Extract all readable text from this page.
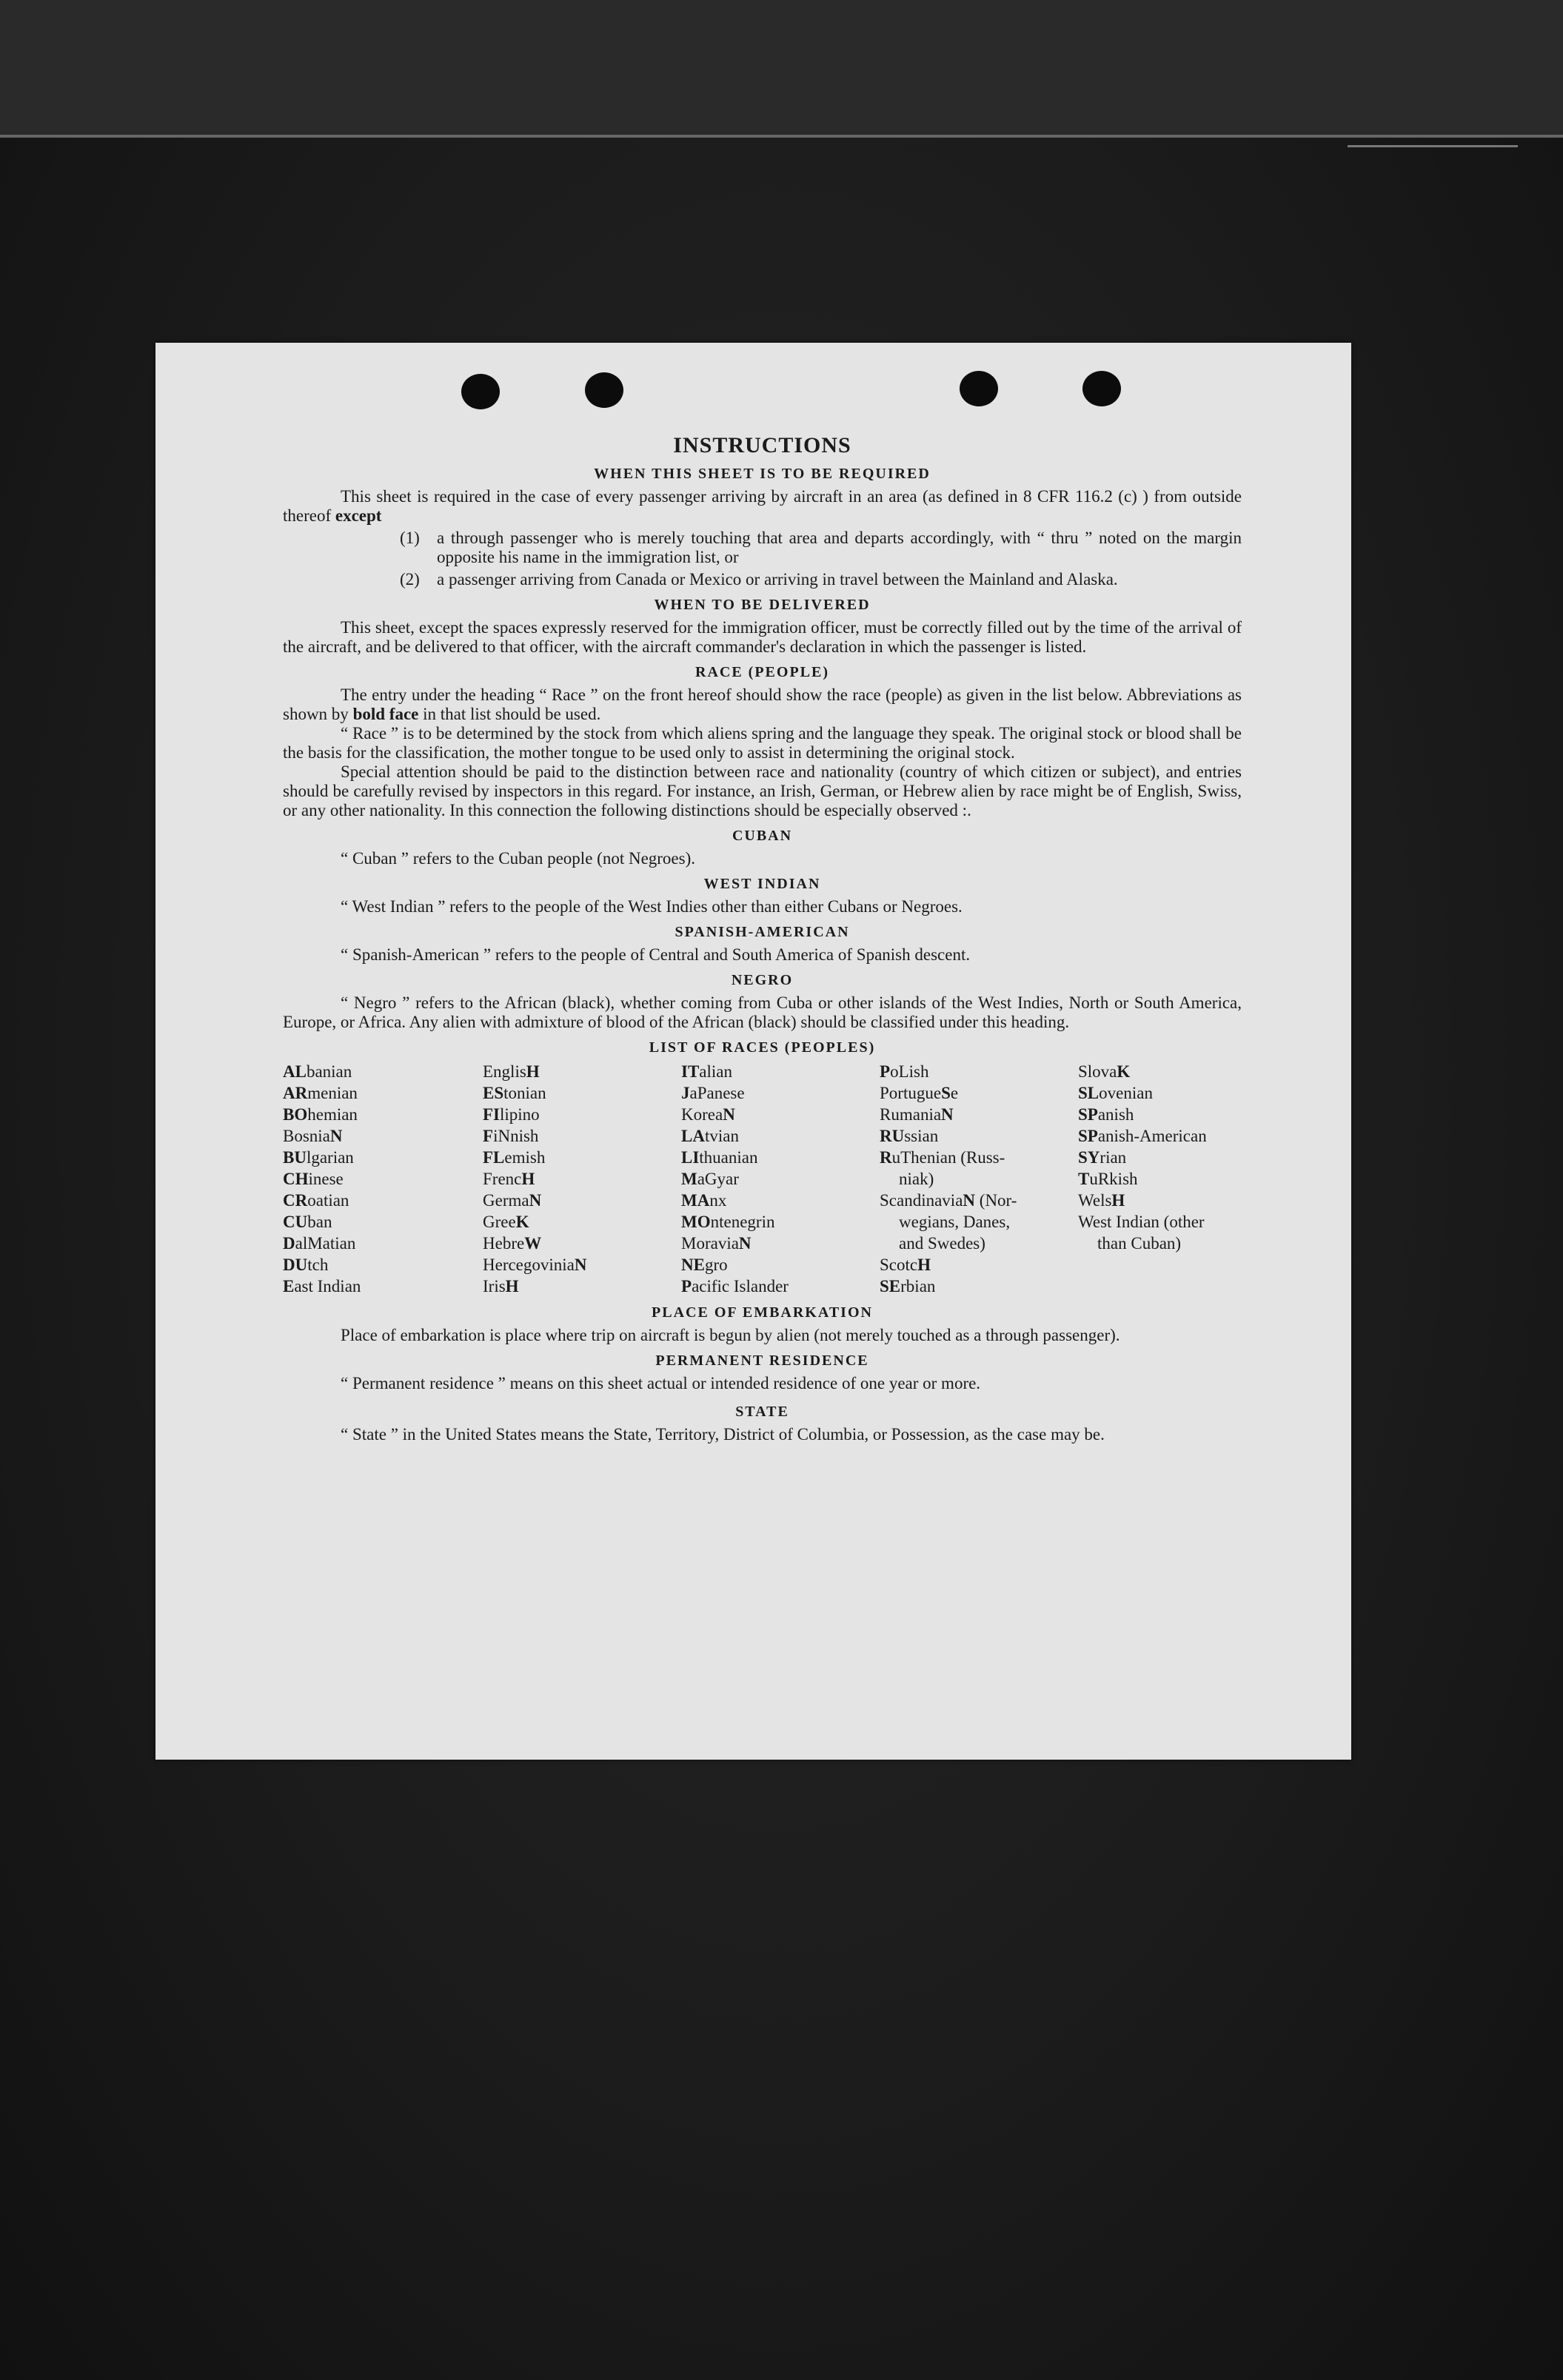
INSTRUCTIONS
WHEN THIS SHEET IS TO BE REQUIRED

This sheet is required in the case of every passenger arriving by aircraft in an area (as defined in 8 CFR 116.2 (c) ) from outside thereof except

(1)	a through passenger who is merely touching that area and departs accordingly, with “ thru ” noted on the margin opposite his name in the immigration list, or
(2)	a passenger arriving from Canada or Mexico or arriving in travel between the Mainland and Alaska.
WHEN TO BE DELIVERED

This sheet, except the spaces expressly reserved for the immigration officer, must be correctly filled out by the time of the arrival of the aircraft, and be delivered to that officer, with the aircraft commander's declaration in which the passenger is listed.

RACE (PEOPLE)

The entry under the heading “ Race ” on the front hereof should show the race (people) as given in the list below. Abbreviations as shown by bold face in that list should be used.

“ Race ” is to be determined by the stock from which aliens spring and the language they speak. The original stock or blood shall be the basis for the classification, the mother tongue to be used only to assist in determining the original stock.

Special attention should be paid to the distinction between race and nationality (country of which citizen or subject), and entries should be carefully revised by inspectors in this regard. For instance, an Irish, German, or Hebrew alien by race might be of English, Swiss, or any other nationality. In this connection the following distinctions should be especially observed :.

CUBAN

“ Cuban ” refers to the Cuban people (not Negroes).

WEST INDIAN

“ West Indian ” refers to the people of the West Indies other than either Cubans or Negroes.

SPANISH-AMERICAN

“ Spanish-American ” refers to the people of Central and South America of Spanish descent.

NEGRO

“ Negro ” refers to the African (black), whether coming from Cuba or other islands of the West Indies, North or South America, Europe, or Africa. Any alien with admixture of blood of the African (black) should be classified under this heading.

LIST OF RACES (PEOPLES)
ALbanian
ARmenian
BOhemian
BosniaN
BUlgarian
CHinese
CRoatian
CUban
DalMatian
DUtch
East Indian
EnglisH
EStonian
FIlipino
FiNnish
FLemish
FrencH
GermaN
GreeK
HebreW
HercegoviniaN
IrisH
ITalian
JaPanese
KoreaN
LAtvian
LIthuanian
MaGyar
MAnx
MOntenegrin
MoraviaN
NEgro
Pacific Islander
PoLish
PortugueSe
RumaniaN
RUssian
RuThenian (Russ-
niak)
ScandinaviaN (Nor-
wegians, Danes,
and Swedes)
ScotcH
SErbian
SlovaK
SLovenian
SPanish
SPanish-American
SYrian
TuRkish
WelsH
West Indian (other
than Cuban)
PLACE OF EMBARKATION

Place of embarkation is place where trip on aircraft is begun by alien (not merely touched as a through passenger).

PERMANENT RESIDENCE

“ Permanent residence ” means on this sheet actual or intended residence of one year or more.

STATE

“ State ” in the United States means the State, Territory, District of Columbia, or Possession, as the case may be.
